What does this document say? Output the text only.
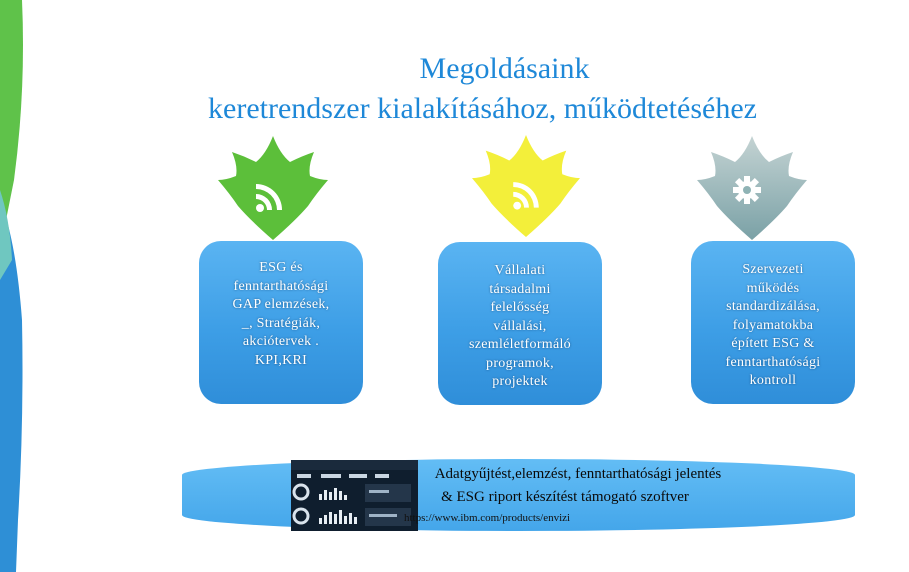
Megoldásaink
keretrendszer kialakításához, működtetéséhez
ESG és
fenntarthatósági
GAP elemzések,
_, Stratégiák,
akciótervek .
KPI,KRI
Vállalati
társadalmi
felelősség
vállalási,
szemléletformáló
programok,
projektek
Szervezeti
működés
standardizálása,
folyamatokba
épített ESG &
fenntarthatósági
kontroll
Adatgyűjtést,elemzést, fenntarthatósági jelentés
& ESG riport készítést támogató szoftver
https://www.ibm.com/products/envizi
